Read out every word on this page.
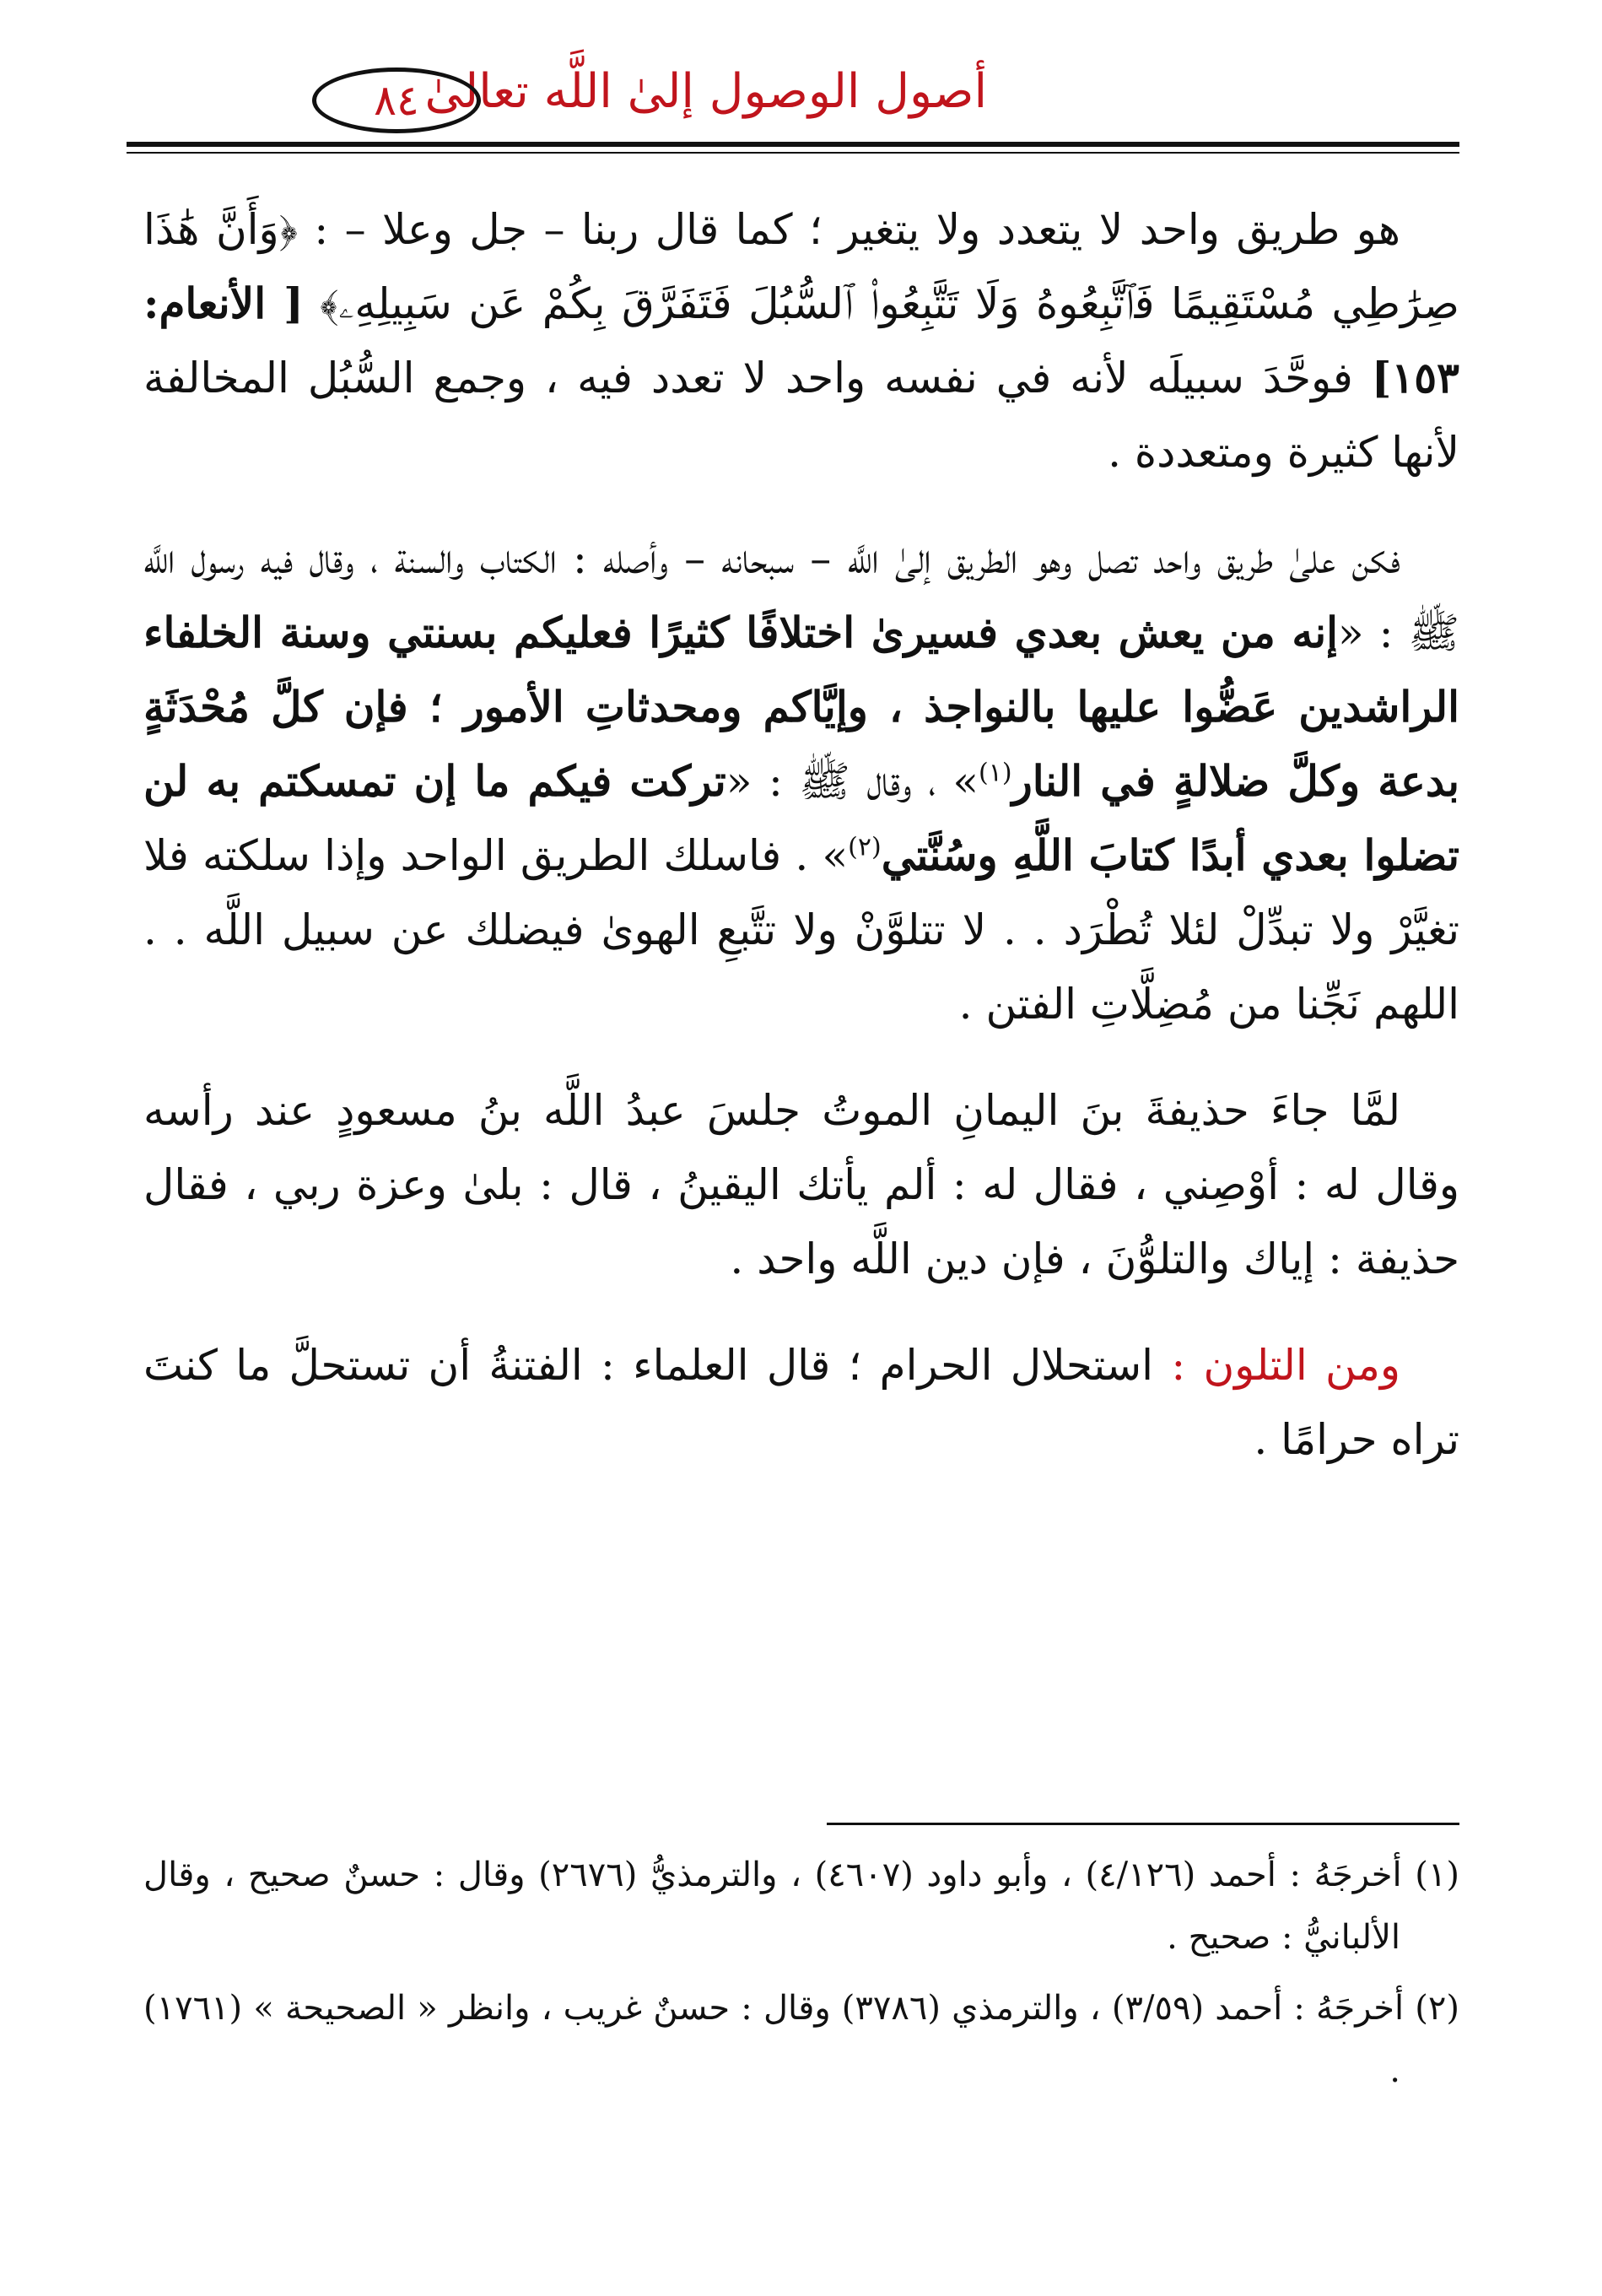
أصول الوصول إلىٰ اللَّه تعالىٰ
٨٤

هو طريق واحد لا يتعدد ولا يتغير ؛ كما قال ربنا – جل وعلا – : ﴿وَأَنَّ هَٰذَا صِرَٰطِي مُسْتَقِيمًا فَٱتَّبِعُوهُ وَلَا تَتَّبِعُوا۟ ٱلسُّبُلَ فَتَفَرَّقَ بِكُمْ عَن سَبِيلِهِۦ﴾ [ الأنعام: ١٥٣] فوحَّدَ سبيلَه لأنه في نفسه واحد لا تعدد فيه ، وجمع السُّبُل المخالفة لأنها كثيرة ومتعددة .

فكن علىٰ طريق واحد تصل وهو الطريق إلىٰ اللَّه – سبحانه – وأصله : الكتاب والسنة ، وقال فيه رسول اللَّه ﷺ : «إنه من يعش بعدي فسيرىٰ اختلافًا كثيرًا فعليكم بسنتي وسنة الخلفاء الراشدين عَضُّوا عليها بالنواجذ ، وإيَّاكم ومحدثاتِ الأمور ؛ فإن كلَّ مُحْدَثَةٍ بدعة وكلَّ ضلالةٍ في النار$^{(١)}$» ، وقال ﷺ : «تركت فيكم ما إن تمسكتم به لن تضلوا بعدي أبدًا كتابَ اللَّهِ وسُنَّتي$^{(٢)}$» . فاسلك الطريق الواحد وإذا سلكته فلا تغيَّرْ ولا تبدِّلْ لئلا تُطْرَد . . لا تتلوَّنْ ولا تتَّبعِ الهوىٰ فيضلك عن سبيل اللَّه . . اللهم نَجِّنا من مُضِلَّاتِ الفتن .

لمَّا جاءَ حذيفةَ بنَ اليمانِ الموتُ جلسَ عبدُ اللَّه بنُ مسعودٍ عند رأسه وقال له : أوْصِني ، فقال له : ألم يأتك اليقينُ ، قال : بلىٰ وعزة ربي ، فقال حذيفة : إياك والتلوُّنَ ، فإن دين اللَّه واحد .

ومن التلون : استحلال الحرام ؛ قال العلماء : الفتنةُ أن تستحلَّ ما كنتَ تراه حرامًا .

(١) أخرجَهُ : أحمد (٤/١٢٦) ، وأبو داود (٤٦٠٧) ، والترمذيُّ (٢٦٧٦) وقال : حسنٌ صحيح ، وقال الألبانيُّ : صحيح .

(٢) أخرجَهُ : أحمد (٣/٥٩) ، والترمذي (٣٧٨٦) وقال : حسنٌ غريب ، وانظر « الصحيحة » (١٧٦١) .
